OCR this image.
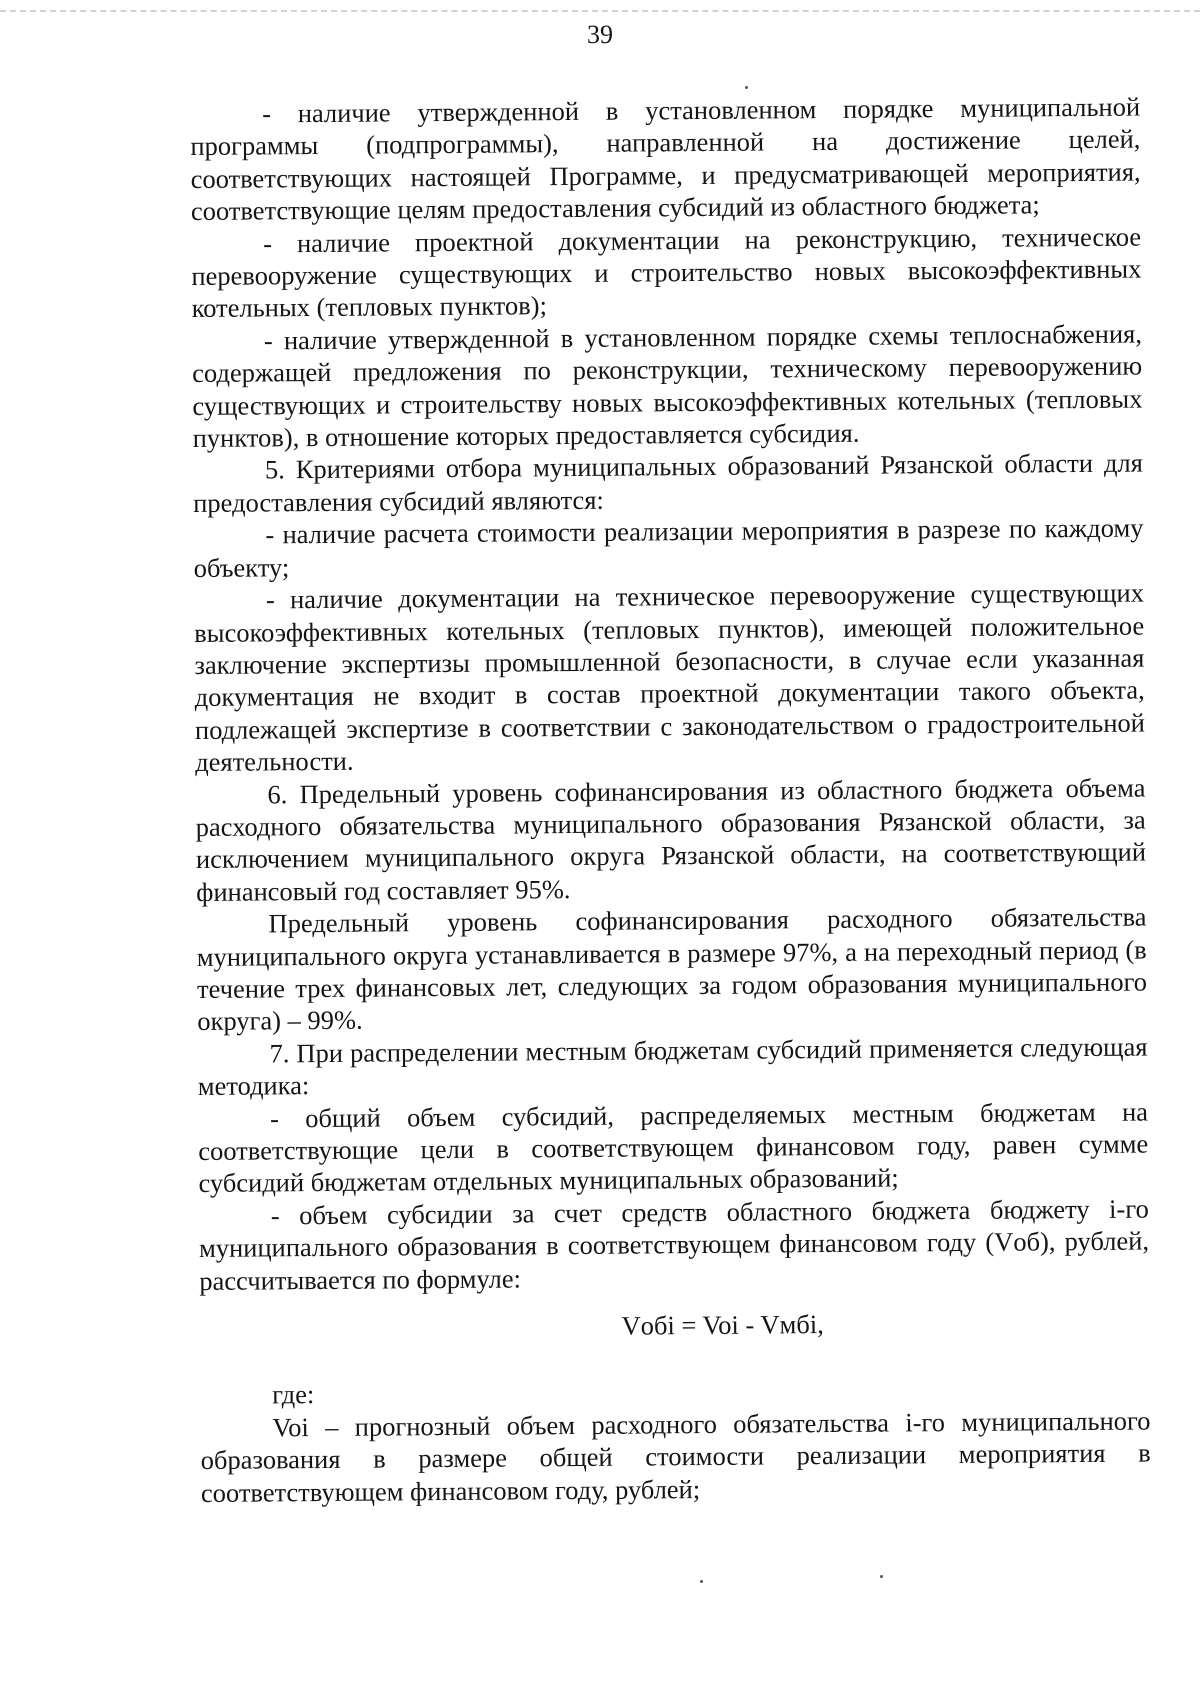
39

- наличие утвержденной в установленном порядке муниципальной программы (подпрограммы), направленной на достижение целей, соответствующих настоящей Программе, и предусматривающей мероприятия, соответствующие целям предоставления субсидий из областного бюджета;

- наличие проектной документации на реконструкцию, техническое перевооружение существующих и строительство новых высокоэффективных котельных (тепловых пунктов);

- наличие утвержденной в установленном порядке схемы теплоснабжения, содержащей предложения по реконструкции, техническому перевооружению существующих и строительству новых высокоэффективных котельных (тепловых пунктов), в отношение которых предоставляется субсидия.

5. Критериями отбора муниципальных образований Рязанской области для предоставления субсидий являются:

- наличие расчета стоимости реализации мероприятия в разрезе по каждому объекту;

- наличие документации на техническое перевооружение существующих высокоэффективных котельных (тепловых пунктов), имеющей положительное заключение экспертизы промышленной безопасности, в случае если указанная документация не входит в состав проектной документации такого объекта, подлежащей экспертизе в соответствии с законодательством о градостроительной деятельности.

6. Предельный уровень софинансирования из областного бюджета объема расходного обязательства муниципального образования Рязанской области, за исключением муниципального округа Рязанской области, на соответствующий финансовый год составляет 95%.

Предельный уровень софинансирования расходного обязательства муниципального округа устанавливается в размере 97%, а на переходный период (в течение трех финансовых лет, следующих за годом образования муниципального округа) – 99%.

7. При распределении местным бюджетам субсидий применяется следующая методика:

- общий объем субсидий, распределяемых местным бюджетам на соответствующие цели в соответствующем финансовом году, равен сумме субсидий бюджетам отдельных муниципальных образований;

- объем субсидии за счет средств областного бюджета бюджету i-го муниципального образования в соответствующем финансовом году (Vоб), рублей, рассчитывается по формуле:

Vобi = Voi - Vмбi,

где:

Voi – прогнозный объем расходного обязательства i-го муниципального образования в размере общей стоимости реализации мероприятия в соответствующем финансовом году, рублей;
